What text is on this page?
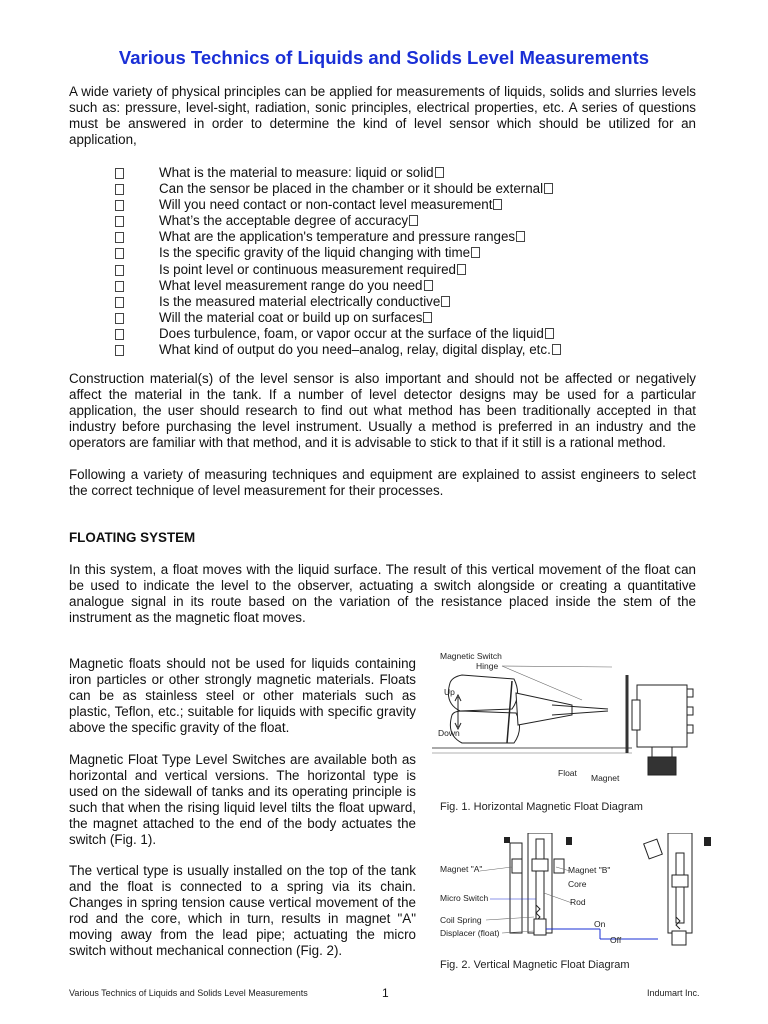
Various Technics of Liquids and Solids Level Measurements

A wide variety of physical principles can be applied for measurements of liquids, solids and slurries levels such as: pressure, level-sight, radiation, sonic principles, electrical properties, etc. A series of questions must be answered in order to determine the kind of level sensor which should be utilized for an application,

What is the material to measure: liquid or solid
Can the sensor be placed in the chamber or it should be external
Will you need contact or non-contact level measurement
What’s the acceptable degree of accuracy
What are the application's temperature and pressure ranges
Is the specific gravity of the liquid changing with time
Is point level or continuous measurement required
What level measurement range do you need
Is the measured material electrically conductive
Will the material coat or build up on surfaces
Does turbulence, foam, or vapor occur at the surface of the liquid
What kind of output do you need–analog, relay, digital display, etc.

Construction material(s) of the level sensor is also important and should not be affected or negatively affect the material in the tank. If a number of level detector designs may be used for a particular application, the user should research to find out what method has been traditionally accepted in that industry before purchasing the level instrument. Usually a method is preferred in an industry and the operators are familiar with that method, and it is advisable to stick to that if it still is a rational method.

Following a variety of measuring techniques and equipment are explained to assist engineers to select the correct technique of level measurement for their processes.

FLOATING SYSTEM

In this system, a float moves with the liquid surface. The result of this vertical movement of the float can be used to indicate the level to the observer, actuating a switch alongside or creating a quantitative analogue signal in its route based on the variation of the resistance placed inside the stem of the instrument as the magnetic float moves.

Magnetic floats should not be used for liquids containing iron particles or other strongly magnetic materials. Floats can be as stainless steel or other materials such as plastic, Teflon, etc.; suitable for liquids with specific gravity above the specific gravity of the float.

Magnetic Float Type Level Switches are available both as horizontal and vertical versions. The horizontal type is used on the sidewall of tanks and its operating principle is such that when the rising liquid level tilts the float upward, the magnet attached to the end of the body actuates the switch (Fig. 1).

The vertical type is usually installed on the top of the tank and the float is connected to a spring via its chain. Changes in spring tension cause vertical movement of the rod and the core, which in turn, results in magnet "A" moving away from the lead pipe; actuating the micro switch without mechanical connection (Fig. 2).

Magnetic Switch
Hinge
Up
Down
Float Magnet
Fig. 1. Horizontal Magnetic Float Diagram
Magnet "A"	Magnet "B"
Core
Micro Switch	Rod
Coil Spring
Displacer (float)
On
Off
Fig. 2. Vertical Magnetic Float Diagram
Various Technics of Liquids and Solids Level Measurements	1	Indumart Inc.
